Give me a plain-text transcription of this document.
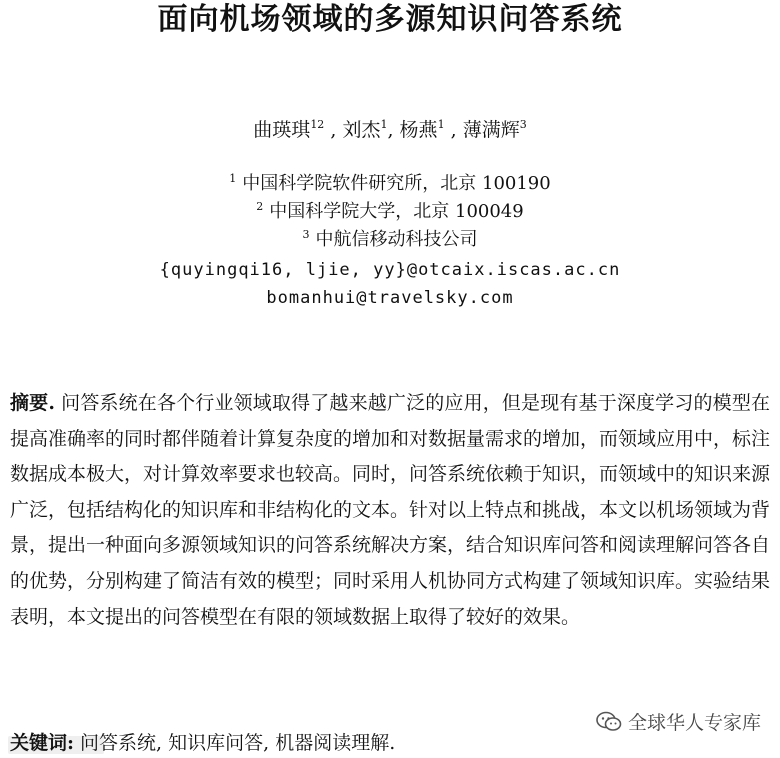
面向机场领域的多源知识问答系统
曲瑛琪$^{12}$ , 刘杰$^1$, 杨燕$^1$ , 薄满辉$^3$
$^1$ 中国科学院软件研究所，北京 100190
$^2$ 中国科学院大学，北京 100049
$^3$ 中航信移动科技公司
{quyingqi16, ljie, yy}@otcaix.iscas.ac.cn
bomanhui@travelsky.com
摘要. 问答系统在各个行业领域取得了越来越广泛的应用，但是现有基于深度学习的模型在提高准确率的同时都伴随着计算复杂度的增加和对数据量需求的增加，而领域应用中，标注数据成本极大，对计算效率要求也较高。同时，问答系统依赖于知识，而领域中的知识来源广泛，包括结构化的知识库和非结构化的文本。针对以上特点和挑战，本文以机场领域为背景，提出一种面向多源领域知识的问答系统解决方案，结合知识库问答和阅读理解问答各自的优势，分别构建了简洁有效的模型；同时采用人机协同方式构建了领域知识库。实验结果表明，本文提出的问答模型在有限的领域数据上取得了较好的效果。
关键词: 问答系统, 知识库问答, 机器阅读理解.
全球华人专家库
